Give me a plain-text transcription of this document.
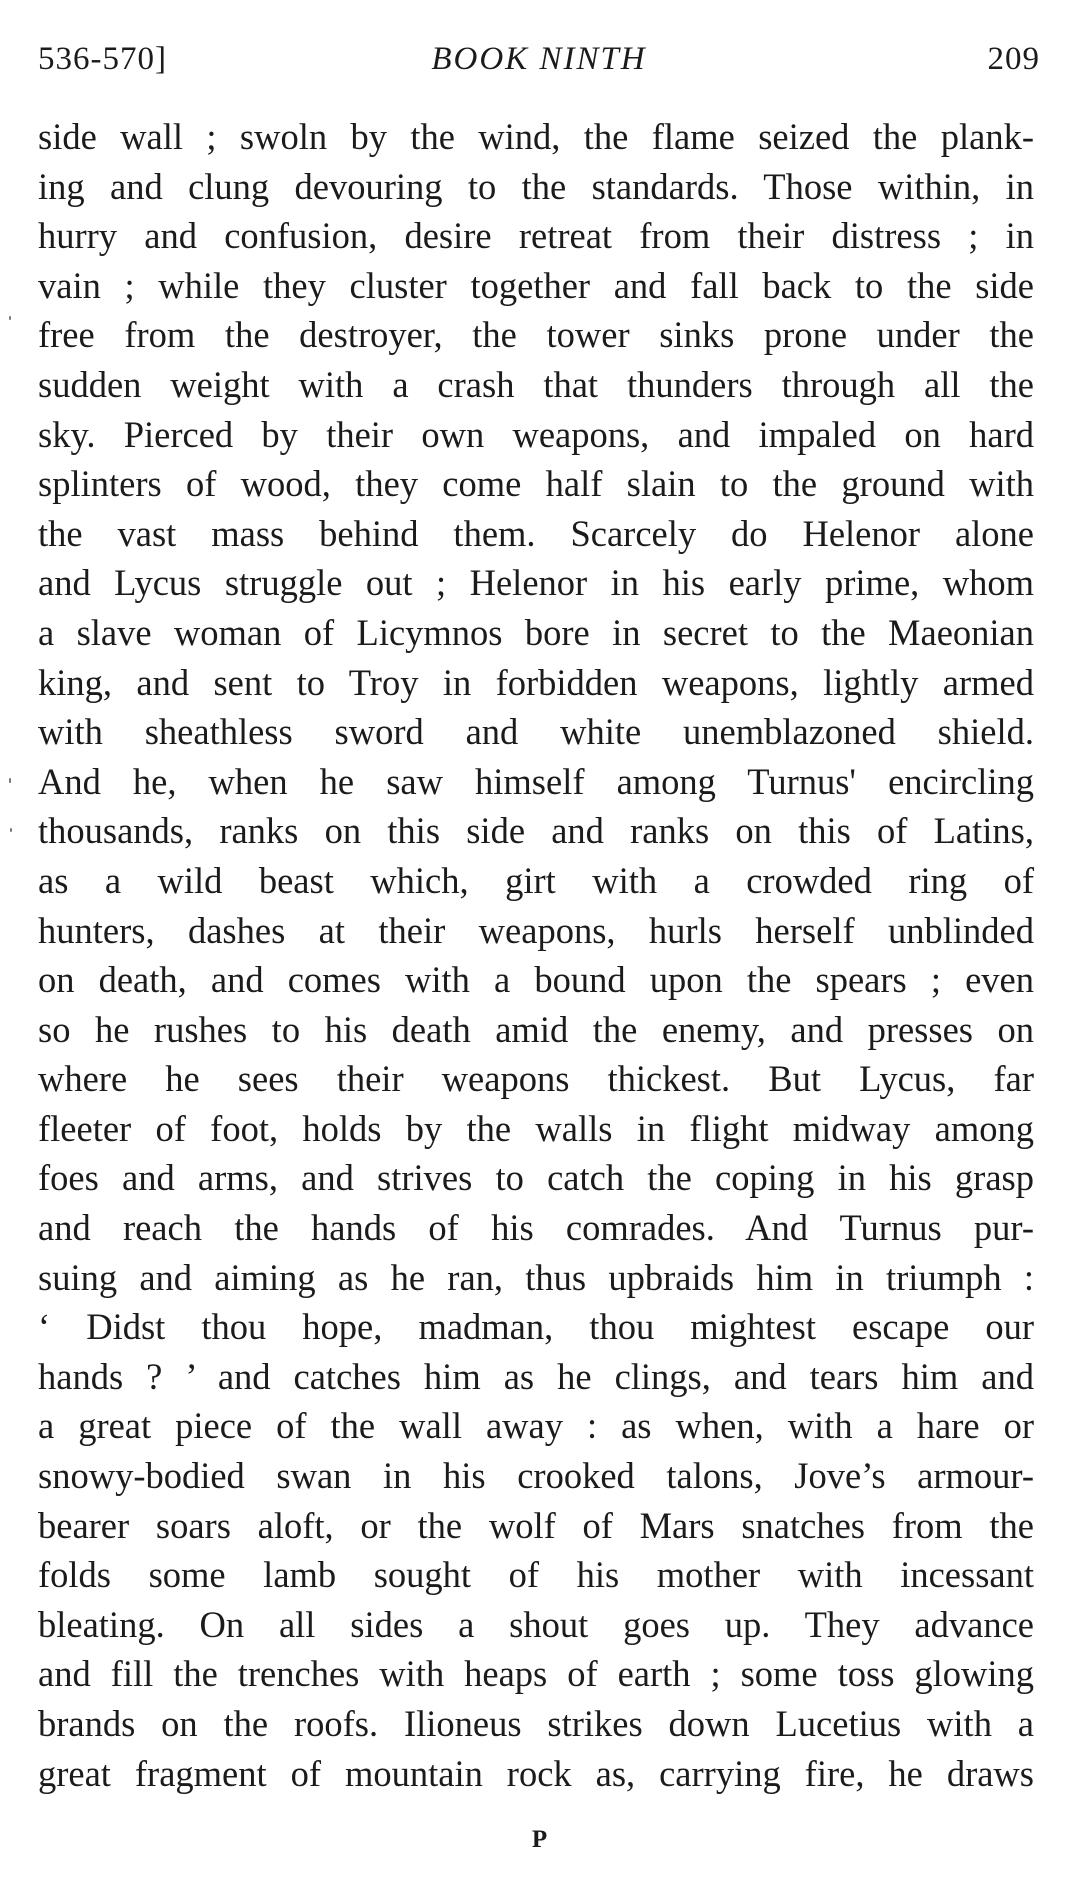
536-570]	BOOK NINTH	209
side wall ; swoln by the wind, the flame seized the plank-
ing and clung devouring to the standards. Those within, in
hurry and confusion, desire retreat from their distress ; in
vain ; while they cluster together and fall back to the side
free from the destroyer, the tower sinks prone under the
sudden weight with a crash that thunders through all the
sky. Pierced by their own weapons, and impaled on hard
splinters of wood, they come half slain to the ground with
the vast mass behind them. Scarcely do Helenor alone
and Lycus struggle out ; Helenor in his early prime, whom
a slave woman of Licymnos bore in secret to the Maeonian
king, and sent to Troy in forbidden weapons, lightly armed
with sheathless sword and white unemblazoned shield.
And he, when he saw himself among Turnus' encircling
thousands, ranks on this side and ranks on this of Latins,
as a wild beast which, girt with a crowded ring of
hunters, dashes at their weapons, hurls herself unblinded
on death, and comes with a bound upon the spears ; even
so he rushes to his death amid the enemy, and presses on
where he sees their weapons thickest. But Lycus, far
fleeter of foot, holds by the walls in flight midway among
foes and arms, and strives to catch the coping in his grasp
and reach the hands of his comrades. And Turnus pur-
suing and aiming as he ran, thus upbraids him in triumph :
‘ Didst thou hope, madman, thou mightest escape our
hands ? ’ and catches him as he clings, and tears him and
a great piece of the wall away : as when, with a hare or
snowy-bodied swan in his crooked talons, Jove’s armour-
bearer soars aloft, or the wolf of Mars snatches from the
folds some lamb sought of his mother with incessant
bleating. On all sides a shout goes up. They advance
and fill the trenches with heaps of earth ; some toss glowing
brands on the roofs. Ilioneus strikes down Lucetius with a
great fragment of mountain rock as, carrying fire, he draws
P
